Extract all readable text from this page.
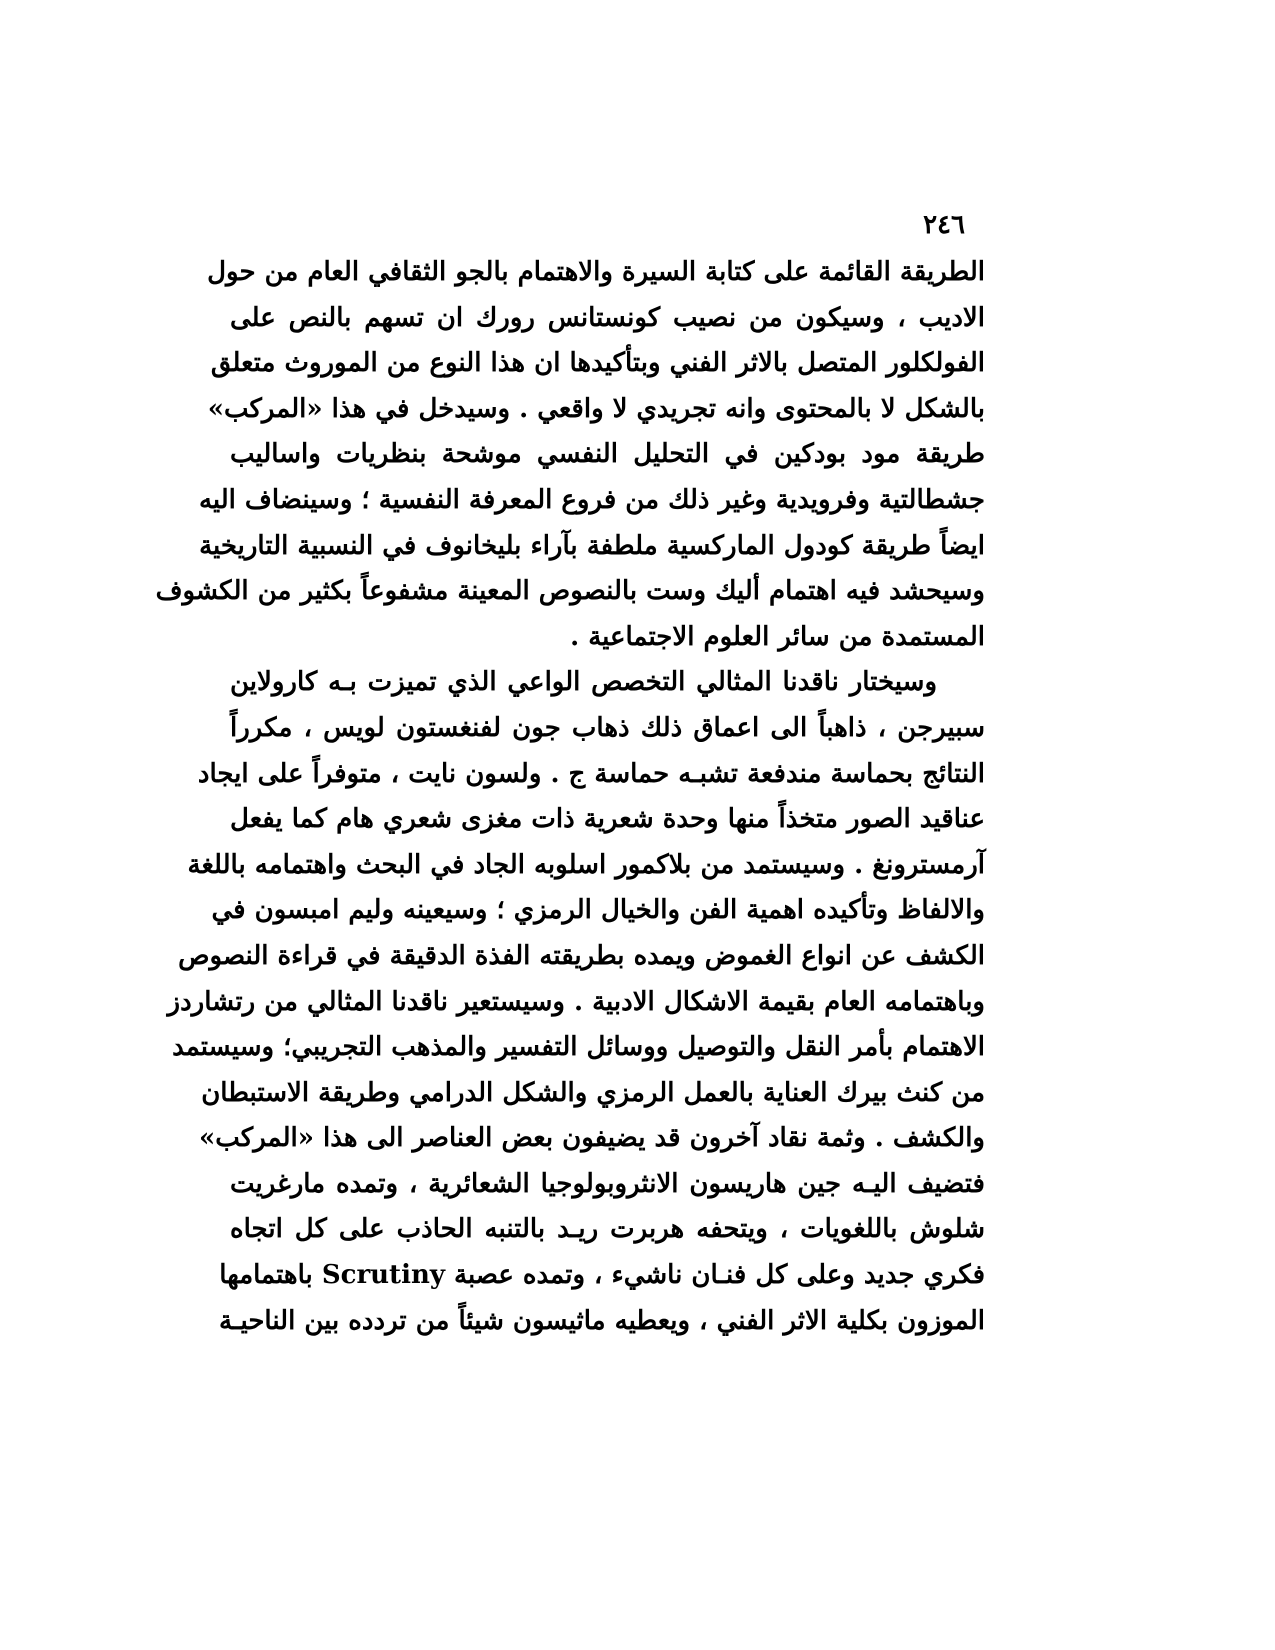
٢٤٦
الطريقة القائمة على كتابة السيرة والاهتمام بالجو الثقافي العام من حول
الاديب ، وسيكون من نصيب كونستانس رورك ان تسهم بالنص على
الفولكلور المتصل بالاثر الفني وبتأكيدها ان هذا النوع من الموروث متعلق
بالشكل لا بالمحتوى وانه تجريدي لا واقعي . وسيدخل في هذا «المركب»
طريقة مود بودكين في التحليل النفسي موشحة بنظريات واساليب
جشطالتية وفرويدية وغير ذلك من فروع المعرفة النفسية ؛ وسينضاف اليه
ايضاً طريقة كودول الماركسية ملطفة بآراء بليخانوف في النسبية التاريخية
وسيحشد فيه اهتمام أليك وست بالنصوص المعينة مشفوعاً بكثير من الكشوف
المستمدة من سائر العلوم الاجتماعية .
وسيختار ناقدنا المثالي التخصص الواعي الذي تميزت بـه كارولاين
سبيرجن ، ذاهباً الى اعماق ذلك ذهاب جون لفنغستون لويس ، مكرراً
النتائج بحماسة مندفعة تشبـه حماسة ج . ولسون نايت ، متوفراً على ايجاد
عناقيد الصور متخذاً منها وحدة شعرية ذات مغزى شعري هام كما يفعل
آرمسترونغ . وسيستمد من بلاكمور اسلوبه الجاد في البحث واهتمامه باللغة
والالفاظ وتأكيده اهمية الفن والخيال الرمزي ؛ وسيعينه وليم امبسون في
الكشف عن انواع الغموض ويمده بطريقته الفذة الدقيقة في قراءة النصوص
وباهتمامه العام بقيمة الاشكال الادبية . وسيستعير ناقدنا المثالي من رتشاردز
الاهتمام بأمر النقل والتوصيل ووسائل التفسير والمذهب التجريبي؛ وسيستمد
من كنث بيرك العناية بالعمل الرمزي والشكل الدرامي وطريقة الاستبطان
والكشف . وثمة نقاد آخرون قد يضيفون بعض العناصر الى هذا «المركب»
فتضيف اليـه جين هاريسون الانثروبولوجيا الشعائرية ، وتمده مارغريت
شلوش باللغويات ، ويتحفه هربرت ريـد بالتنبه الحاذب على كل اتجاه
فكري جديد وعلى كل فنـان ناشيء ، وتمده عصبة Scrutiny باهتمامها
الموزون بكلية الاثر الفني ، ويعطيه ماثيسون شيئاً من تردده بين الناحيـة
